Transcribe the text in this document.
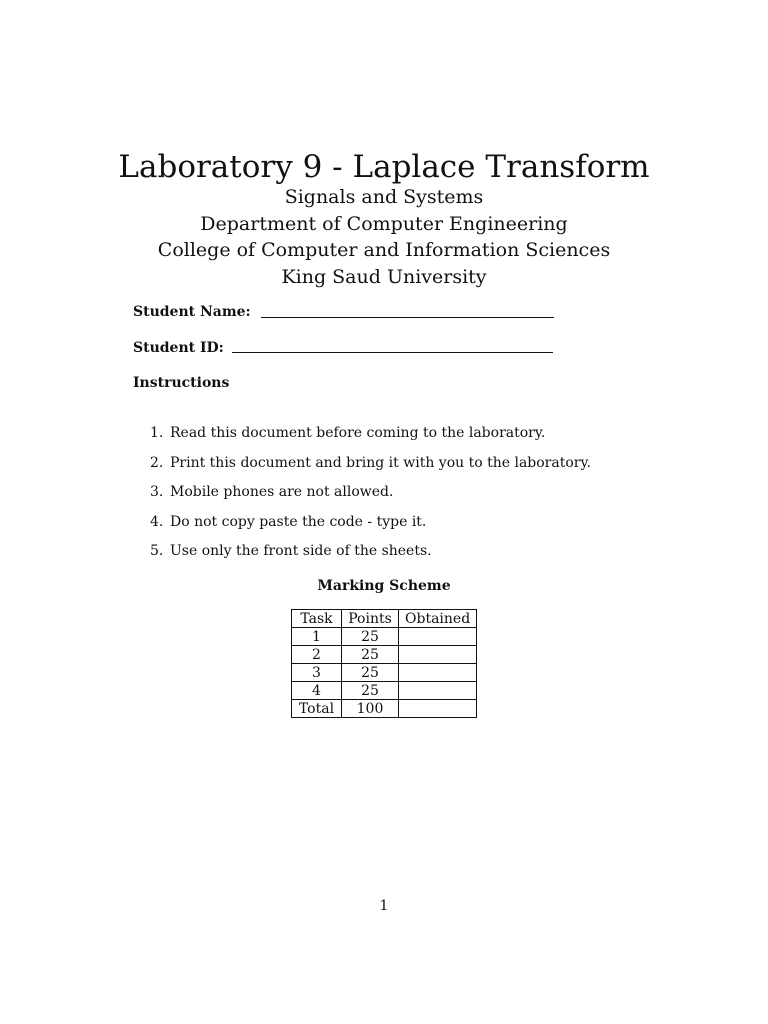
Laboratory 9 - Laplace Transform
Signals and Systems
Department of Computer Engineering
College of Computer and Information Sciences
King Saud University
Student Name:
Student ID:
Instructions
1. Read this document before coming to the laboratory.
2. Print this document and bring it with you to the laboratory.
3. Mobile phones are not allowed.
4. Do not copy paste the code - type it.
5. Use only the front side of the sheets.
Marking Scheme
Task	Points	Obtained
1	25	
2	25	
3	25	
4	25	
Total	100	
1
